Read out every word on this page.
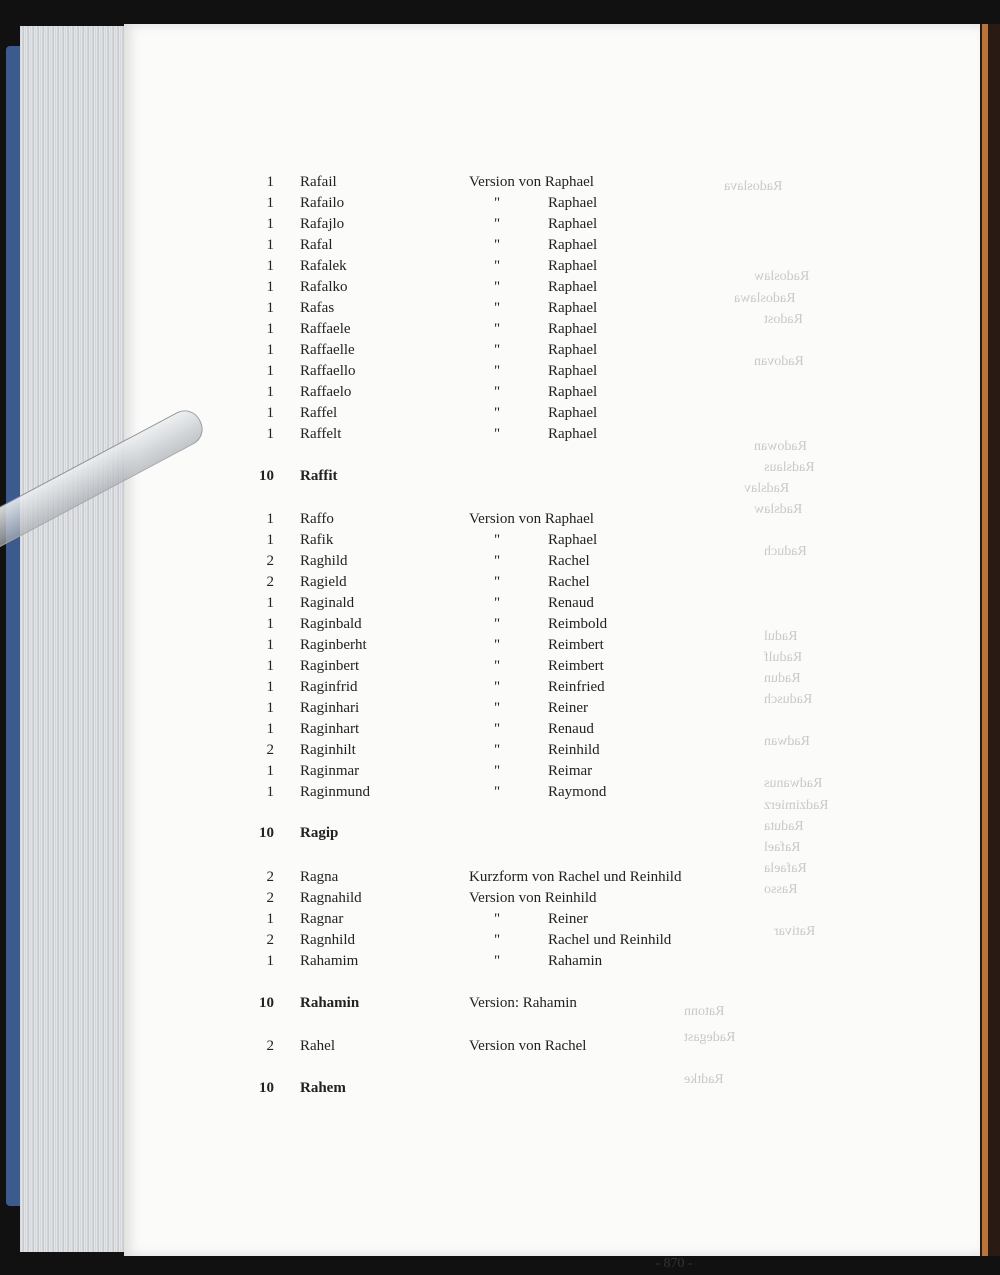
Radoslava
Radoslaw
Radoslawa
Radost
Radovan
Radowan
Radslaus
Radslav
Radslaw
Raduch
Radul
Radulf
Radun
Radusch
Radwan
Radwanus
Radzimierz
Raduta
Rafael
Rafaela
Rasso
Rativar
Ratonn
Radegast
Radtke
1 Rafail	Version von Raphael
1 Rafailo	"	Raphael
1 Rafajlo	"	Raphael
1 Rafal	"	Raphael
1 Rafalek	"	Raphael
1 Rafalko	"	Raphael
1 Rafas	"	Raphael
1 Raffaele	"	Raphael
1 Raffaelle	"	Raphael
1 Raffaello	"	Raphael
1 Raffaelo	"	Raphael
1 Raffel	"	Raphael
1 Raffelt	"	Raphael
10 Raffit
1 Raffo	Version von Raphael
1 Rafik	"	Raphael
2 Raghild	"	Rachel
2 Ragield	"	Rachel
1 Raginald	"	Renaud
1 Raginbald	"	Reimbold
1 Raginberht	"	Reimbert
1 Raginbert	"	Reimbert
1 Raginfrid	"	Reinfried
1 Raginhari	"	Reiner
1 Raginhart	"	Renaud
2 Raginhilt	"	Reinhild
1 Raginmar	"	Reimar
1 Raginmund	"	Raymond
10 Ragip
2 Ragna	Kurzform von Rachel und Reinhild
2 Ragnahild	Version von Reinhild
1 Ragnar	"	Reiner
2 Ragnhild	"	Rachel und Reinhild
1 Rahamim	"	Rahamin
10 Rahamin	Version: Rahamin
2 Rahel	Version von Rachel
10 Rahem
- 870 -
